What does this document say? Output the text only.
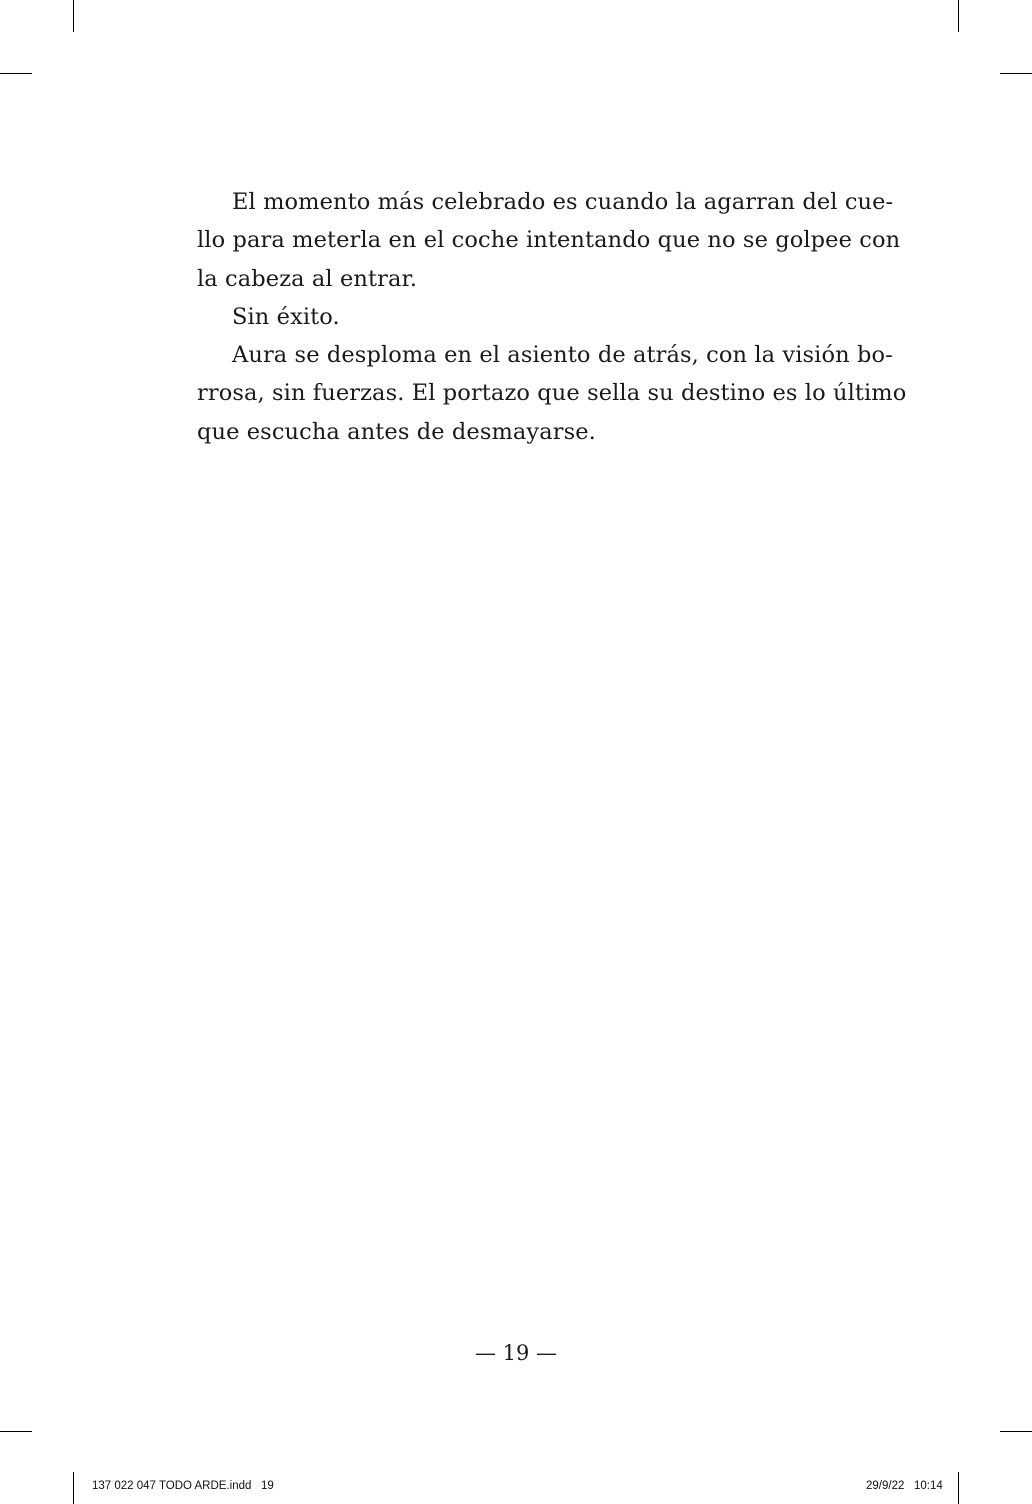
El momento más celebrado es cuando la agarran del cue-
llo para meterla en el coche intentando que no se golpee con
la cabeza al entrar.
Sin éxito.
Aura se desploma en el asiento de atrás, con la visión bo-
rrosa, sin fuerzas. El portazo que sella su destino es lo último
que escucha antes de desmayarse.
— 19 —
137 022 047 TODO ARDE.indd   19	29/9/22   10:14
